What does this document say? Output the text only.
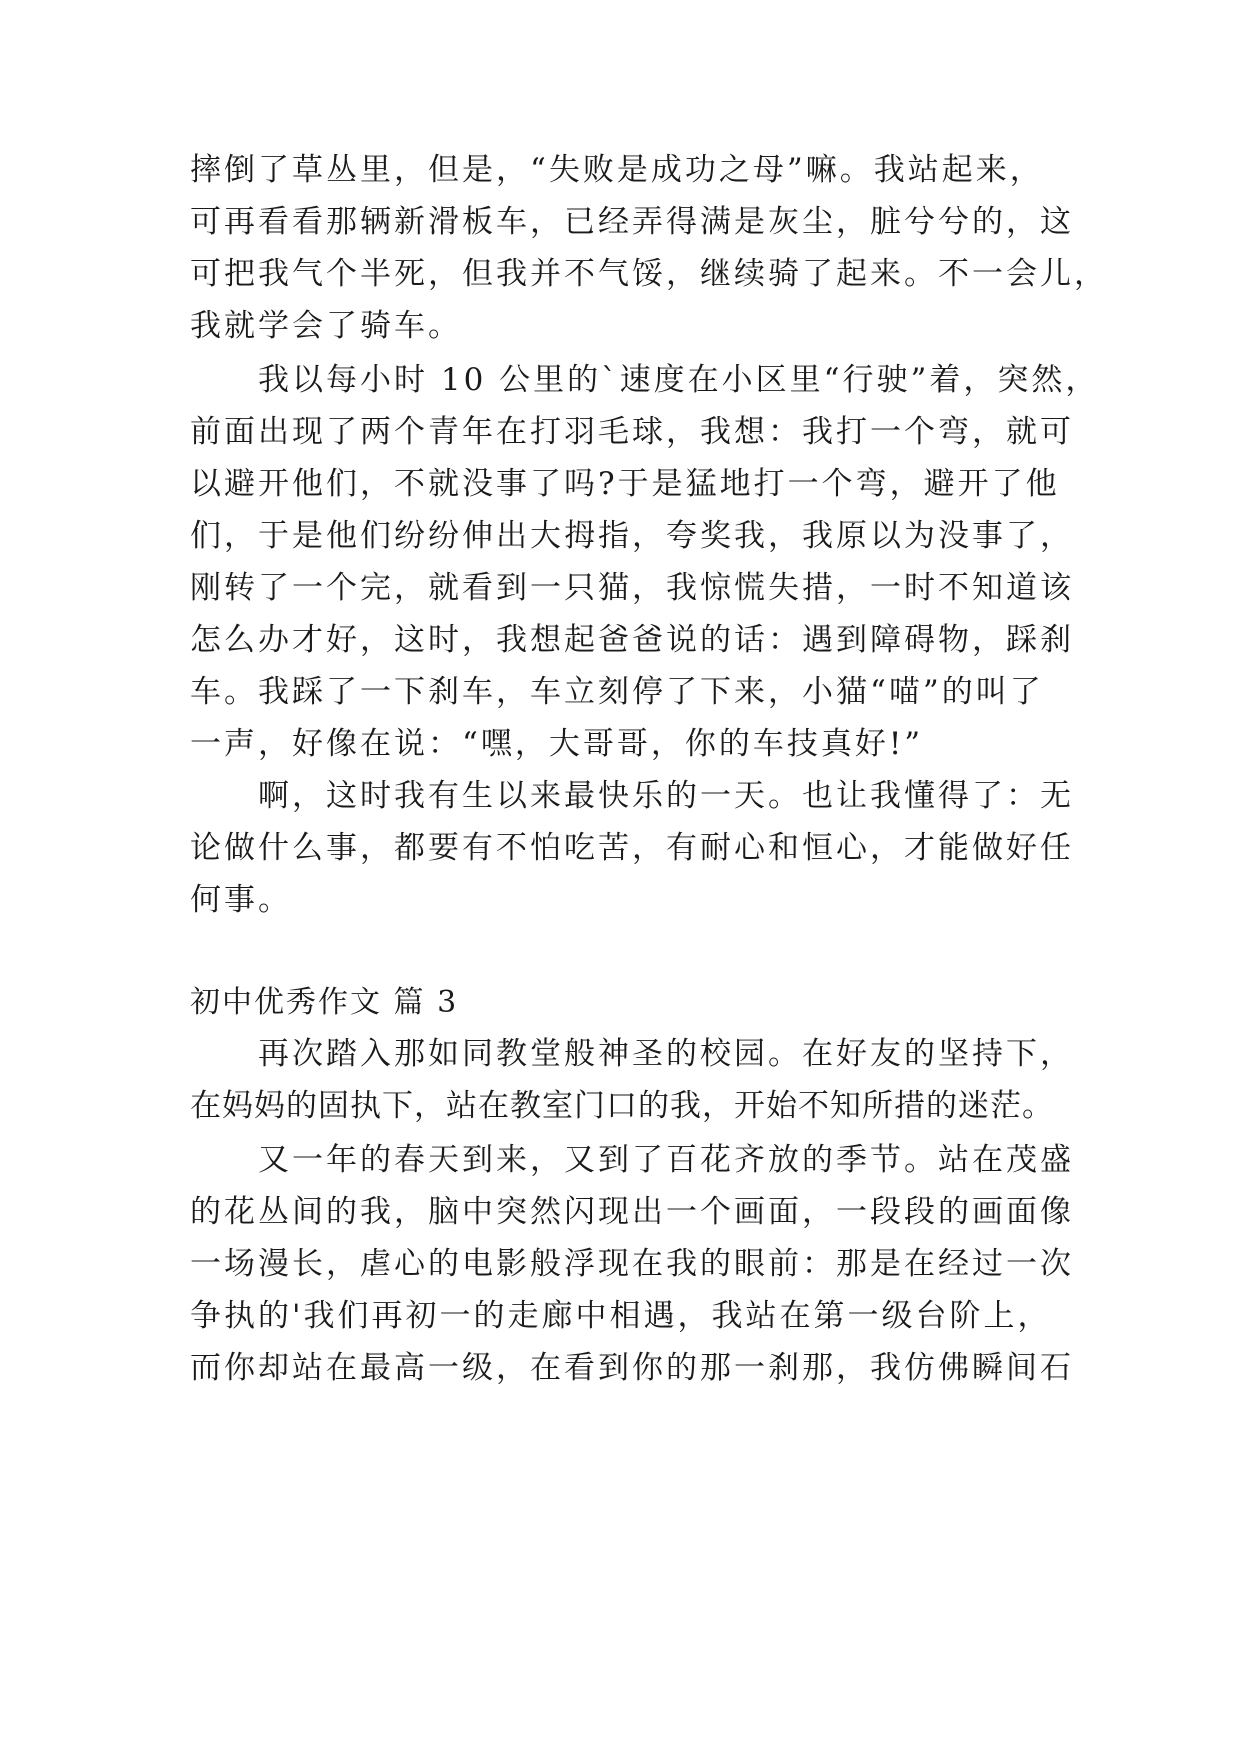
摔倒了草丛里，但是，“失败是成功之母”嘛。我站起来，
可再看看那辆新滑板车，已经弄得满是灰尘，脏兮兮的，这
可把我气个半死，但我并不气馁，继续骑了起来。不一会儿，
我就学会了骑车。
我以每小时 10 公里的`速度在小区里“行驶”着，突然，
前面出现了两个青年在打羽毛球，我想：我打一个弯，就可
以避开他们，不就没事了吗?于是猛地打一个弯，避开了他
们，于是他们纷纷伸出大拇指，夸奖我，我原以为没事了，
刚转了一个完，就看到一只猫，我惊慌失措，一时不知道该
怎么办才好，这时，我想起爸爸说的话：遇到障碍物，踩刹
车。我踩了一下刹车，车立刻停了下来，小猫“喵”的叫了
一声，好像在说：“嘿，大哥哥，你的车技真好!”
啊，这时我有生以来最快乐的一天。也让我懂得了：无
论做什么事，都要有不怕吃苦，有耐心和恒心，才能做好任
何事。
初中优秀作文 篇 3
再次踏入那如同教堂般神圣的校园。在好友的坚持下，
在妈妈的固执下，站在教室门口的我，开始不知所措的迷茫。
又一年的春天到来，又到了百花齐放的季节。站在茂盛
的花丛间的我，脑中突然闪现出一个画面，一段段的画面像
一场漫长，虐心的电影般浮现在我的眼前：那是在经过一次
争执的'我们再初一的走廊中相遇，我站在第一级台阶上，
而你却站在最高一级，在看到你的那一刹那，我仿佛瞬间石
